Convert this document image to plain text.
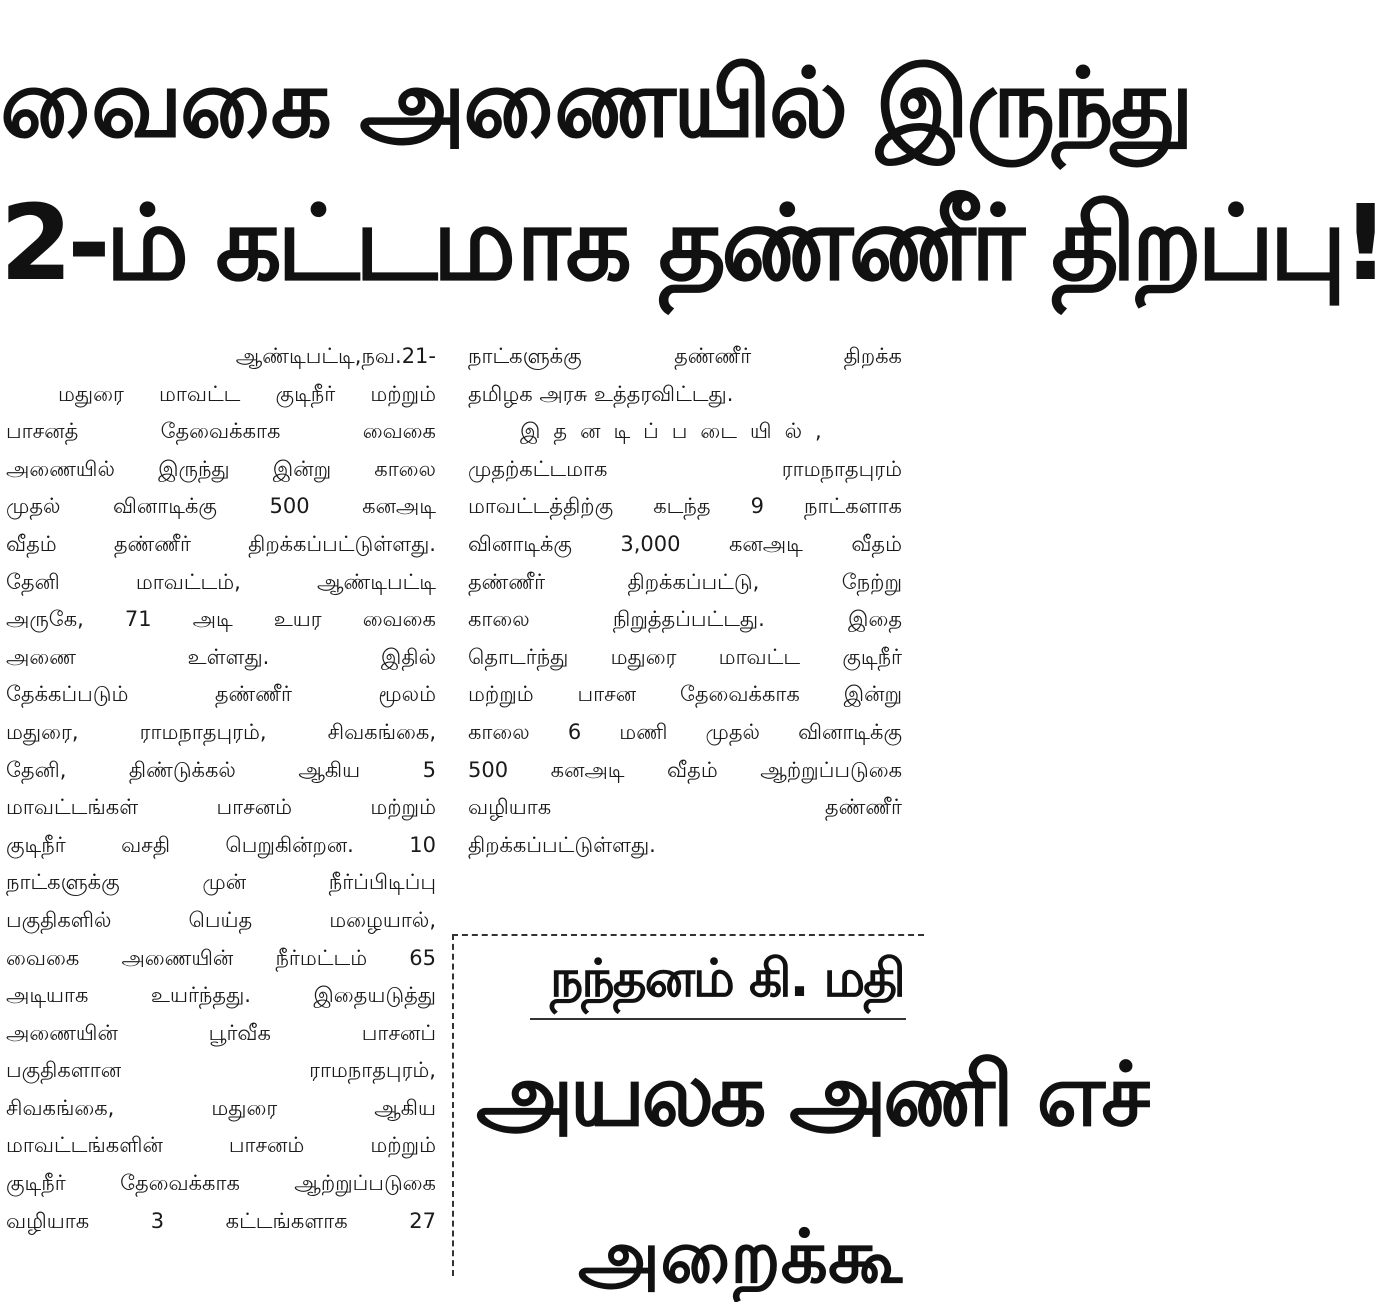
வைகை அணையில் இருந்து
2-ம் கட்டமாக தண்ணீர் திறப்பு!

ஆண்டிபட்டி,நவ.21-

மதுரை மாவட்ட குடிநீர் மற்றும்

பாசனத் தேவைக்காக வைகை

அணையில் இருந்து இன்று காலை

முதல் வினாடிக்கு 500 கனஅடி

வீதம் தண்ணீர் திறக்கப்பட்டுள்ளது.

தேனி மாவட்டம், ஆண்டிபட்டி

அருகே, 71 அடி உயர வைகை

அணை உள்ளது. இதில்

தேக்கப்படும் தண்ணீர் மூலம்

மதுரை, ராமநாதபுரம், சிவகங்கை,

தேனி, திண்டுக்கல் ஆகிய 5

மாவட்டங்கள் பாசனம் மற்றும்

குடிநீர் வசதி பெறுகின்றன. 10

நாட்களுக்கு முன் நீர்ப்பிடிப்பு

பகுதிகளில் பெய்த மழையால்,

வைகை அணையின் நீர்மட்டம் 65

அடியாக உயர்ந்தது. இதையடுத்து

அணையின் பூர்வீக பாசனப்

பகுதிகளான ராமநாதபுரம்,

சிவகங்கை, மதுரை ஆகிய

மாவட்டங்களின் பாசனம் மற்றும்

குடிநீர் தேவைக்காக ஆற்றுப்படுகை

வழியாக 3 கட்டங்களாக 27

நாட்களுக்கு தண்ணீர் திறக்க

தமிழக அரசு உத்தரவிட்டது.

இதனடிப்படையில்,

முதற்கட்டமாக ராமநாதபுரம்

மாவட்டத்திற்கு கடந்த 9 நாட்களாக

வினாடிக்கு 3,000 கனஅடி வீதம்

தண்ணீர் திறக்கப்பட்டு, நேற்று

காலை நிறுத்தப்பட்டது. இதை

தொடர்ந்து மதுரை மாவட்ட குடிநீர்

மற்றும் பாசன தேவைக்காக இன்று

காலை 6 மணி முதல் வினாடிக்கு

500 கனஅடி வீதம் ஆற்றுப்படுகை

வழியாக தண்ணீர்

திறக்கப்பட்டுள்ளது.

நந்தனம் கி. மதி
அயலக அணி எச்
அறைக்கூ
